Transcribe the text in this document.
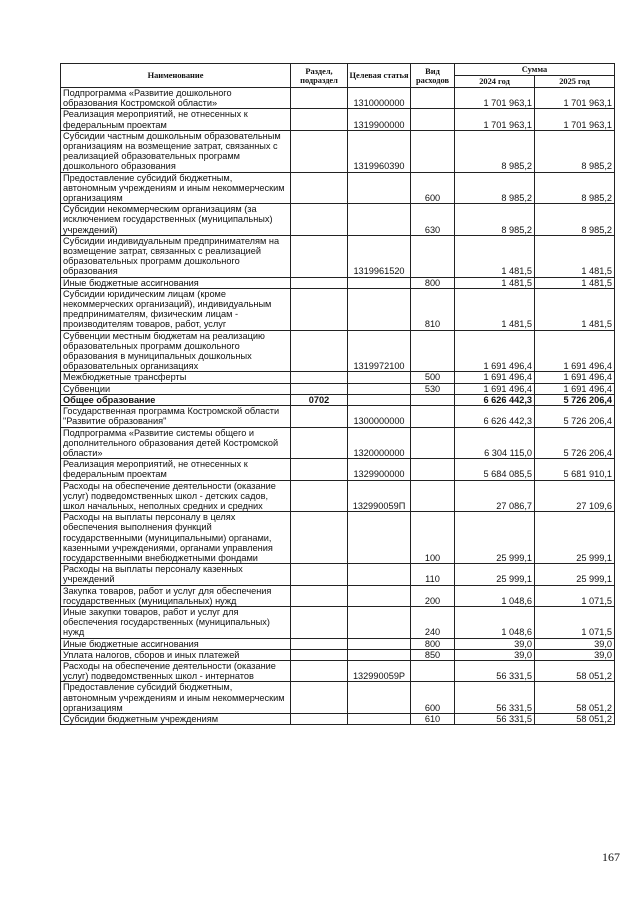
Наименование	Раздел, подраздел	Целевая статья	Вид расходов	Сумма	
				2024 год	2025 год
Подпрограмма «Развитие дошкольного образования Костромской области»		1310000000		1 701 963,1	1 701 963,1
Реализация мероприятий, не отнесенных к федеральным проектам		1319900000		1 701 963,1	1 701 963,1
Субсидии частным дошкольным образовательным организациям на возмещение затрат, связанных с реализацией образовательных программ дошкольного образования		1319960390		8 985,2	8 985,2
Предоставление субсидий бюджетным, автономным учреждениям и иным некоммерческим организациям			600	8 985,2	8 985,2
Субсидии некоммерческим организациям (за исключением государственных (муниципальных) учреждений)			630	8 985,2	8 985,2
Субсидии индивидуальным предпринимателям на возмещение затрат, связанных с реализацией образовательных программ дошкольного образования		1319961520		1 481,5	1 481,5
Иные бюджетные ассигнования			800	1 481,5	1 481,5
Субсидии юридическим лицам (кроме некоммерческих организаций), индивидуальным предпринимателям, физическим лицам - производителям товаров, работ, услуг			810	1 481,5	1 481,5
Субвенции местным бюджетам на реализацию образовательных программ дошкольного образования в муниципальных дошкольных образовательных организациях		1319972100		1 691 496,4	1 691 496,4
Межбюджетные трансферты			500	1 691 496,4	1 691 496,4
Субвенции			530	1 691 496,4	1 691 496,4
Общее образование	0702			6 626 442,3	5 726 206,4
Государственная программа Костромской области "Развитие образования"		1300000000		6 626 442,3	5 726 206,4
Подпрограмма «Развитие системы общего и дополнительного образования детей Костромской области»		1320000000		6 304 115,0	5 726 206,4
Реализация мероприятий, не отнесенных к федеральным проектам		1329900000		5 684 085,5	5 681 910,1
Расходы на обеспечение деятельности (оказание услуг) подведомственных школ - детских садов, школ начальных, неполных средних и средних		132990059П		27 086,7	27 109,6
Расходы на выплаты персоналу в целях обеспечения выполнения функций государственными (муниципальными) органами, казенными учреждениями, органами управления государственными внебюджетными фондами			100	25 999,1	25 999,1
Расходы на выплаты персоналу казенных учреждений			110	25 999,1	25 999,1
Закупка товаров, работ и услуг для обеспечения государственных (муниципальных) нужд			200	1 048,6	1 071,5
Иные закупки товаров, работ и услуг для обеспечения государственных (муниципальных) нужд			240	1 048,6	1 071,5
Иные бюджетные ассигнования			800	39,0	39,0
Уплата налогов, сборов и иных платежей			850	39,0	39,0
Расходы на обеспечение деятельности (оказание услуг) подведомственных школ - интернатов		132990059Р		56 331,5	58 051,2
Предоставление субсидий бюджетным, автономным учреждениям и иным некоммерческим организациям			600	56 331,5	58 051,2
Субсидии бюджетным учреждениям			610	56 331,5	58 051,2
167
